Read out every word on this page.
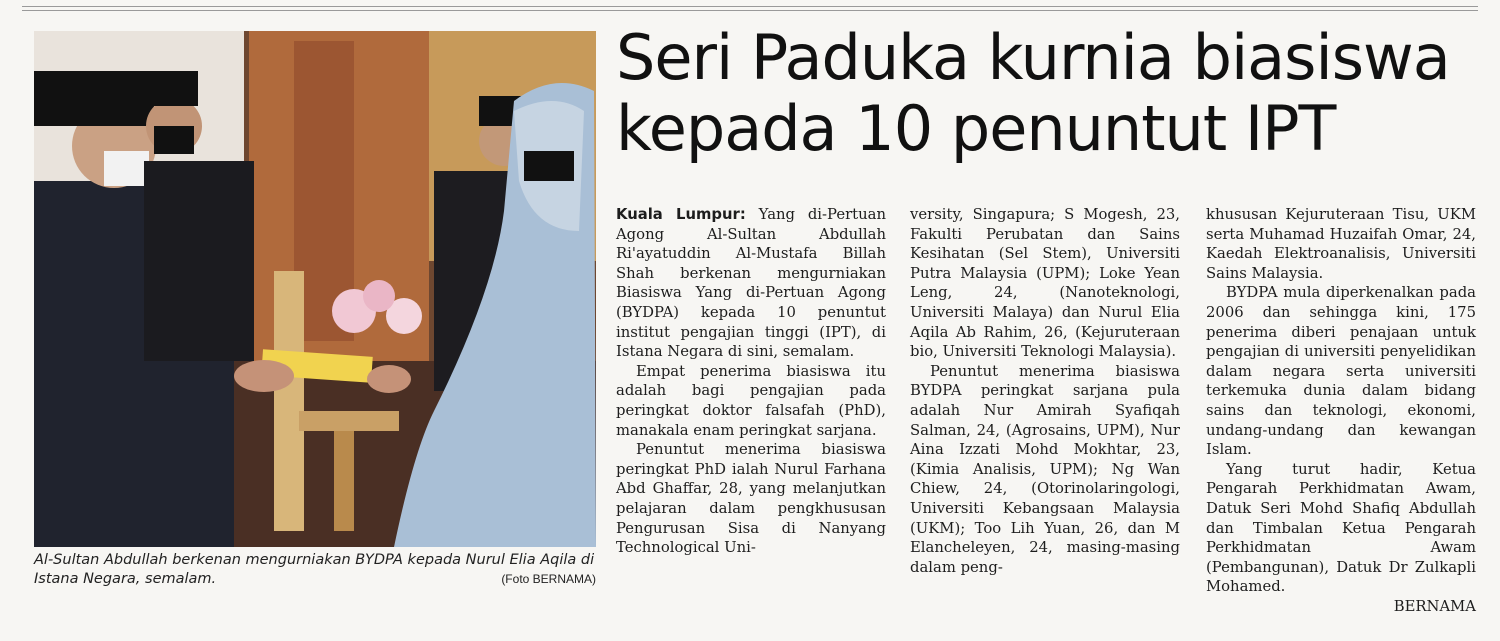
Al-Sultan Abdullah berkenan mengurniakan BYDPA kepada Nurul Elia Aqila di Istana Negara, semalam.	(Foto BERNAMA)
Seri Paduka kurnia biasiswa
kepada 10 penuntut IPT

Kuala Lumpur: Yang di-Pertuan Agong Al-Sultan Abdullah Ri'ayatuddin Al-Mustafa Billah Shah berkenan mengurniakan Biasiswa Yang di-Pertuan Agong (BYDPA) kepada 10 penuntut institut pengajian tinggi (IPT), di Istana Negara di sini, semalam.

Empat penerima biasiswa itu adalah bagi pengajian pada peringkat doktor falsafah (PhD), manakala enam peringkat sarjana.

Penuntut menerima biasiswa peringkat PhD ialah Nurul Farhana Abd Ghaffar, 28, yang melanjutkan pelajaran dalam pengkhususan Pengurusan Sisa di Nanyang Technological Uni-

versity, Singapura; S Mogesh, 23, Fakulti Perubatan dan Sains Kesihatan (Sel Stem), Universiti Putra Malaysia (UPM); Loke Yean Leng, 24, (Nanoteknologi, Universiti Malaya) dan Nurul Elia Aqila Ab Rahim, 26, (Kejuruteraan bio, Universiti Teknologi Malaysia).

Penuntut menerima biasiswa BYDPA peringkat sarjana pula adalah Nur Amirah Syafiqah Salman, 24, (Agrosains, UPM), Nur Aina Izzati Mohd Mokhtar, 23, (Kimia Analisis, UPM); Ng Wan Chiew, 24, (Otorinolaringologi, Universiti Kebangsaan Malaysia (UKM); Too Lih Yuan, 26, dan M Elancheleyen, 24, masing-masing dalam peng-

khususan Kejuruteraan Tisu, UKM serta Muhamad Huzaifah Omar, 24, Kaedah Elektroanalisis, Universiti Sains Malaysia.

BYDPA mula diperkenalkan pada 2006 dan sehingga kini, 175 penerima diberi penajaan untuk pengajian di universiti penyelidikan dalam negara serta universiti terkemuka dunia dalam bidang sains dan teknologi, ekonomi, undang-undang dan kewangan Islam.

Yang turut hadir, Ketua Pengarah Perkhidmatan Awam, Datuk Seri Mohd Shafiq Abdullah dan Timbalan Ketua Pengarah Perkhidmatan Awam (Pembangunan), Datuk Dr Zulkapli Mohamed.

BERNAMA
